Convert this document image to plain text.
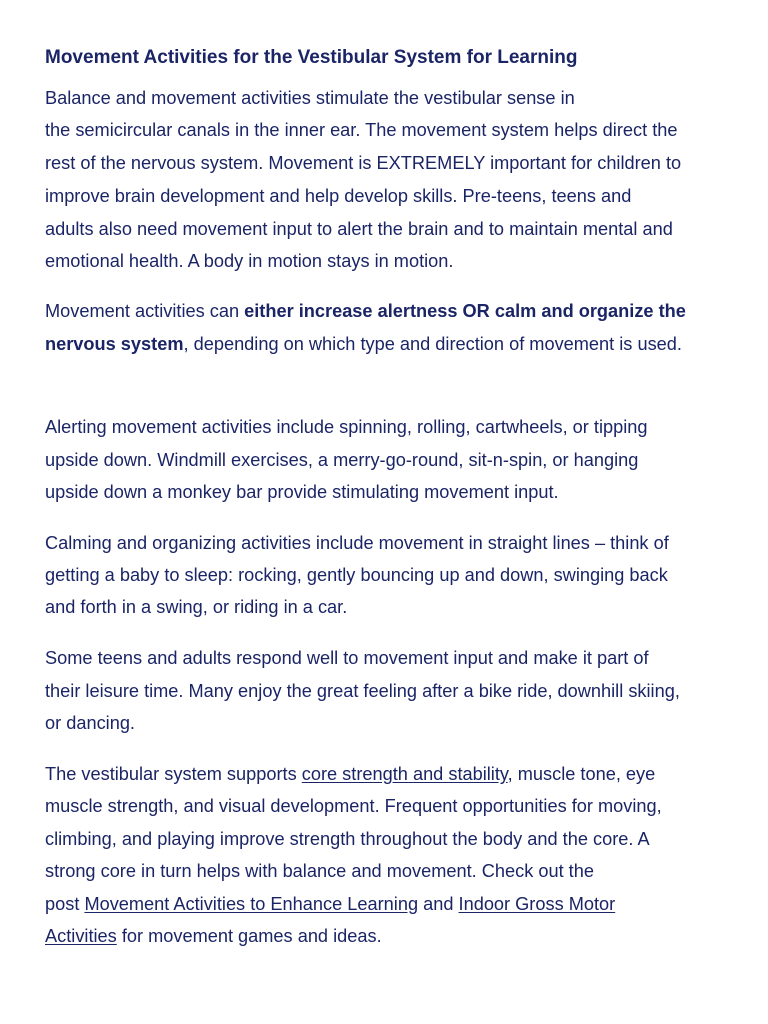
Movement Activities for the Vestibular System for Learning

Balance and movement activities stimulate the vestibular sense in

the semicircular canals in the inner ear. The movement system helps direct the

rest of the nervous system. Movement is EXTREMELY important for children to

improve brain development and help develop skills. Pre-teens, teens and

adults also need movement input to alert the brain and to maintain mental and

emotional health. A body in motion stays in motion.

Movement activities can either increase alertness OR calm and organize the

nervous system, depending on which type and direction of movement is used.

Alerting movement activities include spinning, rolling, cartwheels, or tipping

upside down. Windmill exercises, a merry-go-round, sit-n-spin, or hanging

upside down a monkey bar provide stimulating movement input.

Calming and organizing activities include movement in straight lines – think of

getting a baby to sleep: rocking, gently bouncing up and down, swinging back

and forth in a swing, or riding in a car.

Some teens and adults respond well to movement input and make it part of

their leisure time. Many enjoy the great feeling after a bike ride, downhill skiing,

or dancing.

The vestibular system supports core strength and stability, muscle tone, eye

muscle strength, and visual development. Frequent opportunities for moving,

climbing, and playing improve strength throughout the body and the core. A

strong core in turn helps with balance and movement. Check out the

post Movement Activities to Enhance Learning and Indoor Gross Motor

Activities for movement games and ideas.
